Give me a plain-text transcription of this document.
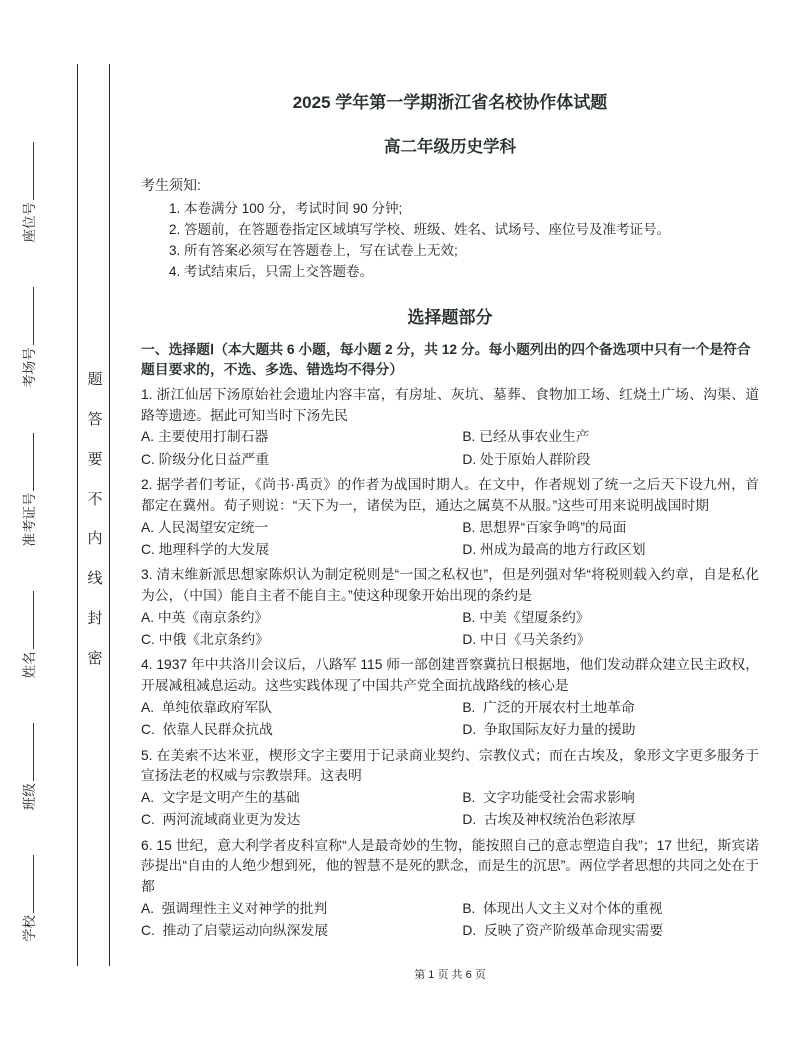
学校
班级
姓名
准考证号
考场号
座位号
密
封
线
内
不
要
答
题
2025 学年第一学期浙江省名校协作体试题
高二年级历史学科

考生须知:

1. 本卷满分 100 分，考试时间 90 分钟;

2. 答题前，在答题卷指定区域填写学校、班级、姓名、试场号、座位号及准考证号。

3. 所有答案必须写在答题卷上，写在试卷上无效;

4. 考试结束后，只需上交答题卷。

选择题部分

一、选择题Ⅰ（本大题共 6 小题，每小题 2 分，共 12 分。每小题列出的四个备选项中只有一个是符合题目要求的，不选、多选、错选均不得分）

1. 浙江仙居下汤原始社会遗址内容丰富，有房址、灰坑、墓葬、食物加工场、红烧土广场、沟渠、道路等遗迹。据此可知当时下汤先民

A. 主要使用打制石器	B. 已经从事农业生产
C. 阶级分化日益严重	D. 处于原始人群阶段

2. 据学者们考证，《尚书·禹贡》的作者为战国时期人。在文中，作者规划了统一之后天下设九州，首都定在冀州。荀子则说：“天下为一，诸侯为臣，通达之属莫不从服。”这些可用来说明战国时期

A. 人民渴望安定统一	B. 思想界“百家争鸣”的局面
C. 地理科学的大发展	D. 州成为最高的地方行政区划

3. 清末维新派思想家陈炽认为制定税则是“一国之私权也”，但是列强对华“将税则载入约章，自是私化为公，（中国）能自主者不能自主。”使这种现象开始出现的条约是

A. 中英《南京条约》	B. 中美《望厦条约》
C. 中俄《北京条约》	D. 中日《马关条约》

4. 1937 年中共洛川会议后，八路军 115 师一部创建晋察冀抗日根据地，他们发动群众建立民主政权，开展减租减息运动。这些实践体现了中国共产党全面抗战路线的核心是

A.  单纯依靠政府军队	B.  广泛的开展农村土地革命
C.  依靠人民群众抗战	D.  争取国际友好力量的援助

5. 在美索不达米亚，楔形文字主要用于记录商业契约、宗教仪式；而在古埃及，象形文字更多服务于宣扬法老的权威与宗教崇拜。这表明

A.  文字是文明产生的基础	B.  文字功能受社会需求影响
C.  两河流域商业更为发达	D.  古埃及神权统治色彩浓厚

6. 15 世纪，意大利学者皮科宣称“人是最奇妙的生物，能按照自己的意志塑造自我”；17 世纪，斯宾诺莎提出“自由的人绝少想到死，他的智慧不是死的默念，而是生的沉思”。两位学者思想的共同之处在于都

A.  强调理性主义对神学的批判	B.  体现出人文主义对个体的重视
C.  推动了启蒙运动向纵深发展	D.  反映了资产阶级革命现实需要
第 1 页 共 6 页
